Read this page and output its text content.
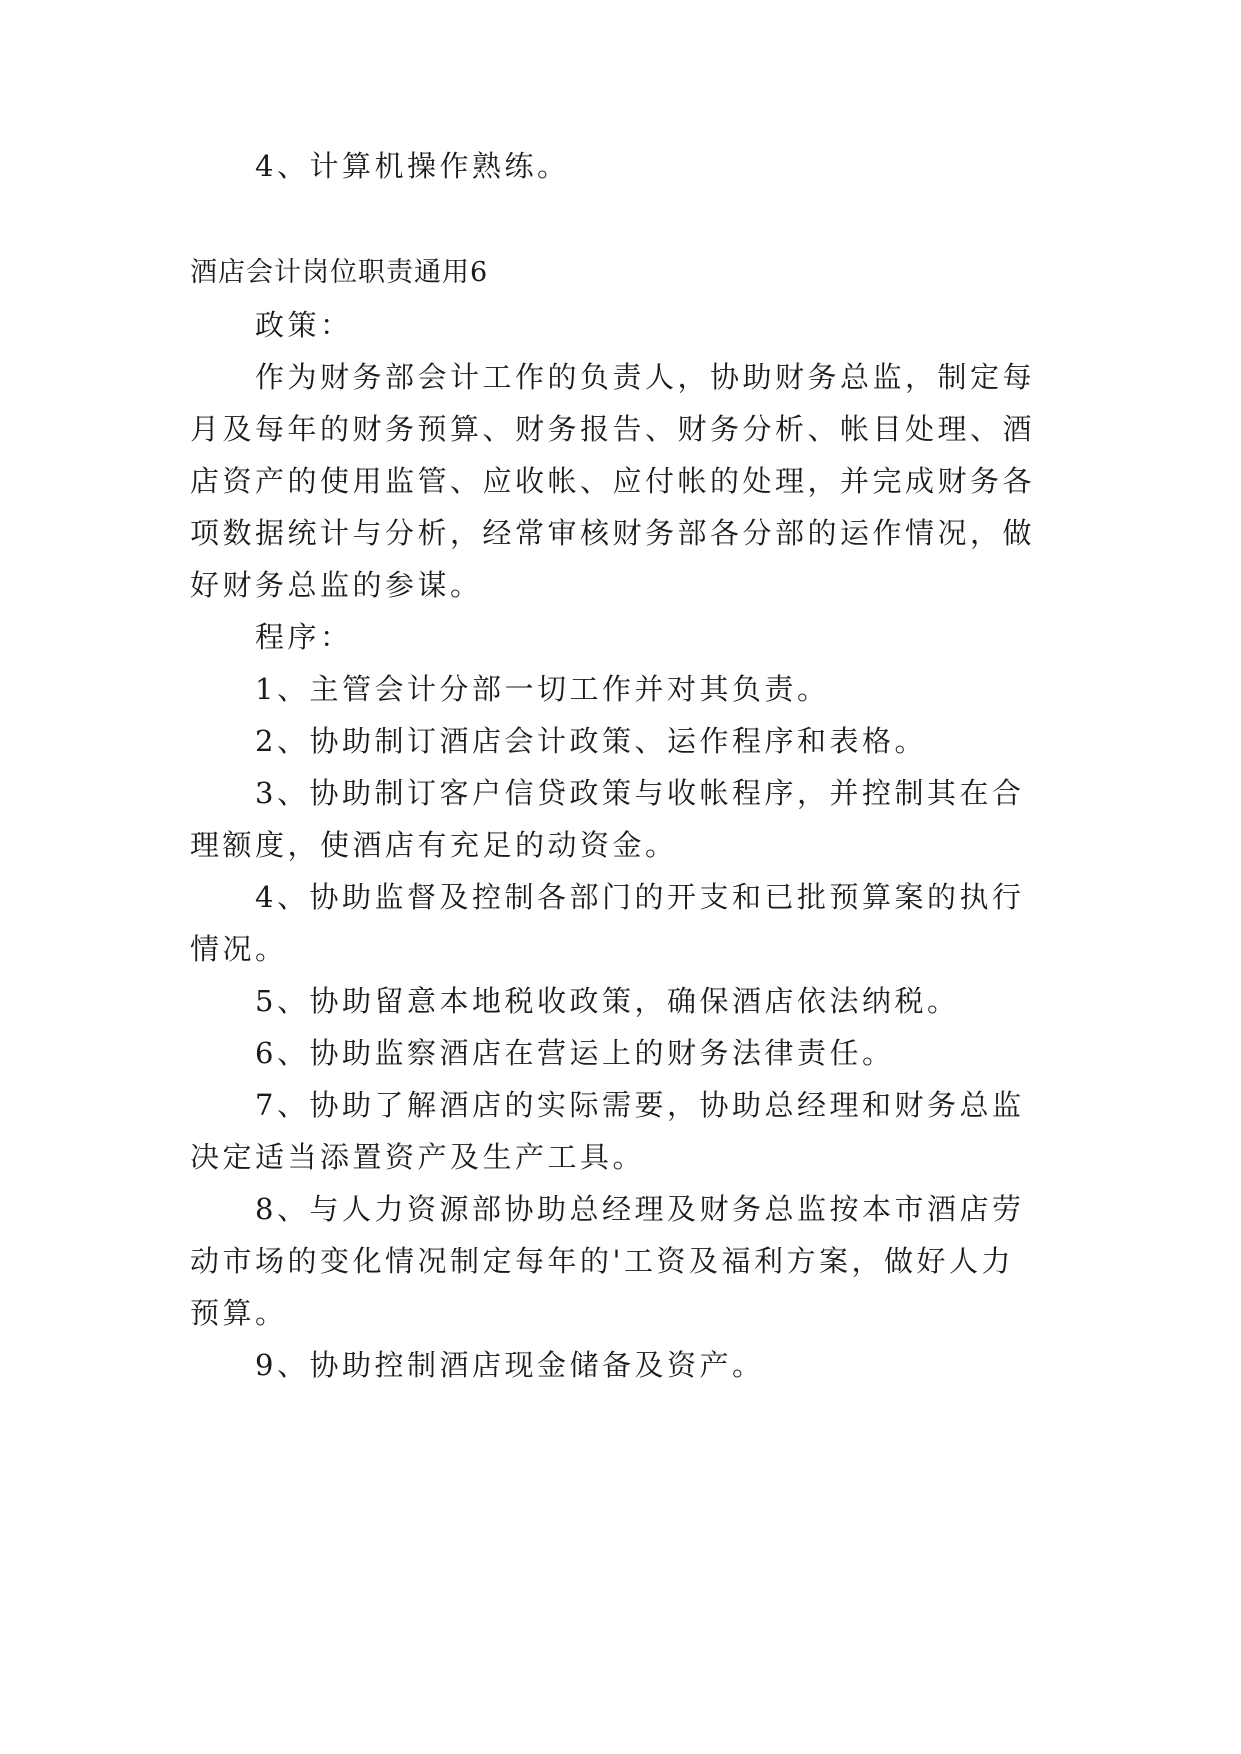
4、计算机操作熟练。
酒店会计岗位职责通用6
政策：
作为财务部会计工作的负责人，协助财务总监，制定每
月及每年的财务预算、财务报告、财务分析、帐目处理、酒
店资产的使用监管、应收帐、应付帐的处理，并完成财务各
项数据统计与分析，经常审核财务部各分部的运作情况，做
好财务总监的参谋。
程序：
1、主管会计分部一切工作并对其负责。
2、协助制订酒店会计政策、运作程序和表格。
3、协助制订客户信贷政策与收帐程序，并控制其在合
理额度，使酒店有充足的动资金。
4、协助监督及控制各部门的开支和已批预算案的执行
情况。
5、协助留意本地税收政策，确保酒店依法纳税。
6、协助监察酒店在营运上的财务法律责任。
7、协助了解酒店的实际需要，协助总经理和财务总监
决定适当添置资产及生产工具。
8、与人力资源部协助总经理及财务总监按本市酒店劳
动市场的变化情况制定每年的'工资及福利方案，做好人力
预算。
9、协助控制酒店现金储备及资产。
